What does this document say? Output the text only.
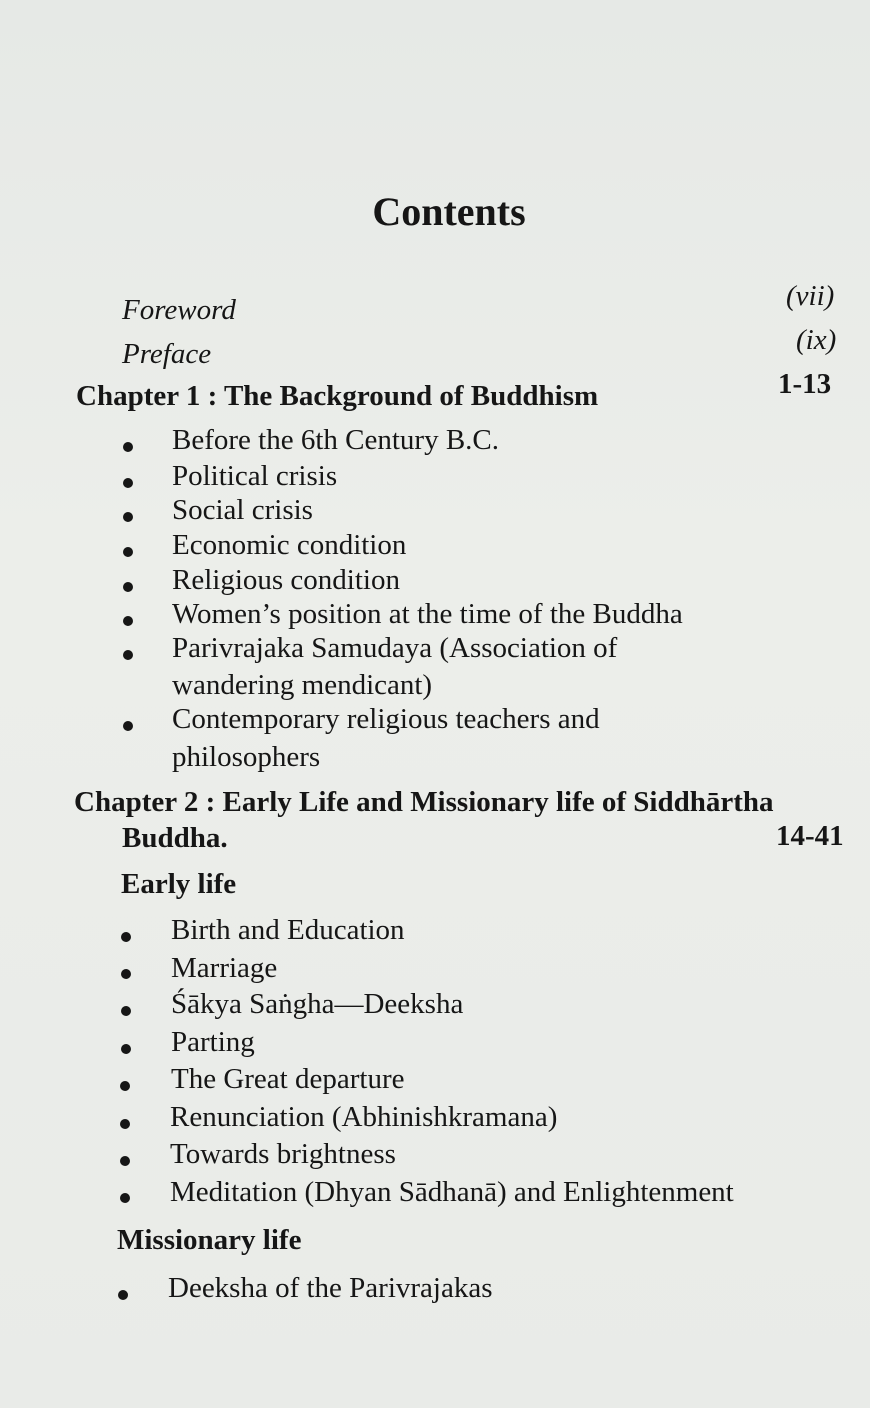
Contents
Foreword	(vii)
Preface	(ix)
Chapter 1 : The Background of Buddhism	1-13
Before the 6th Century B.C.
Political crisis
Social crisis
Economic condition
Religious condition
Women’s position at the time of the Buddha
Parivrajaka Samudaya (Association of
wandering mendicant)
Contemporary religious teachers and
philosophers
Chapter 2 : Early Life and Missionary life of Siddhārtha
Buddha.	14-41
Early life
Birth and Education
Marriage
Śākya Saṅgha—Deeksha
Parting
The Great departure
Renunciation (Abhinishkramana)
Towards brightness
Meditation (Dhyan Sādhanā) and Enlightenment
Missionary life
Deeksha of the Parivrajakas
